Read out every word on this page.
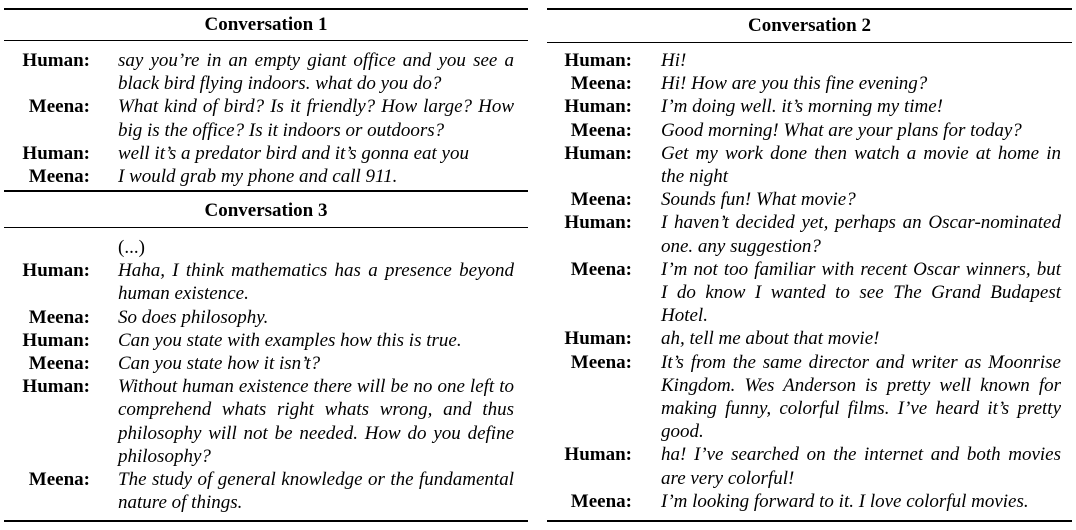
Conversation 1
Human: say you’re in an empty giant office and you see a black bird flying indoors. what do you do?
Meena: What kind of bird? Is it friendly? How large? How big is the office? Is it indoors or outdoors?
Human: well it’s a predator bird and it’s gonna eat you
Meena: I would grab my phone and call 911.
Conversation 3
(...)
Human: Haha, I think mathematics has a presence beyond human existence.
Meena: So does philosophy.
Human: Can you state with examples how this is true.
Meena: Can you state how it isn’t?
Human: Without human existence there will be no one left to comprehend whats right whats wrong, and thus philosophy will not be needed. How do you define philosophy?
Meena: The study of general knowledge or the fundamental nature of things.
Conversation 2
Human: Hi!
Meena: Hi! How are you this fine evening?
Human: I’m doing well. it’s morning my time!
Meena: Good morning! What are your plans for today?
Human: Get my work done then watch a movie at home in the night
Meena: Sounds fun! What movie?
Human: I haven’t decided yet, perhaps an Oscar-nominated one. any suggestion?
Meena: I’m not too familiar with recent Oscar winners, but I do know I wanted to see The Grand Budapest Hotel.
Human: ah, tell me about that movie!
Meena: It’s from the same director and writer as Moonrise Kingdom. Wes Anderson is pretty well known for making funny, colorful films. I’ve heard it’s pretty good.
Human: ha! I’ve searched on the internet and both movies are very colorful!
Meena: I’m looking forward to it. I love colorful movies.
